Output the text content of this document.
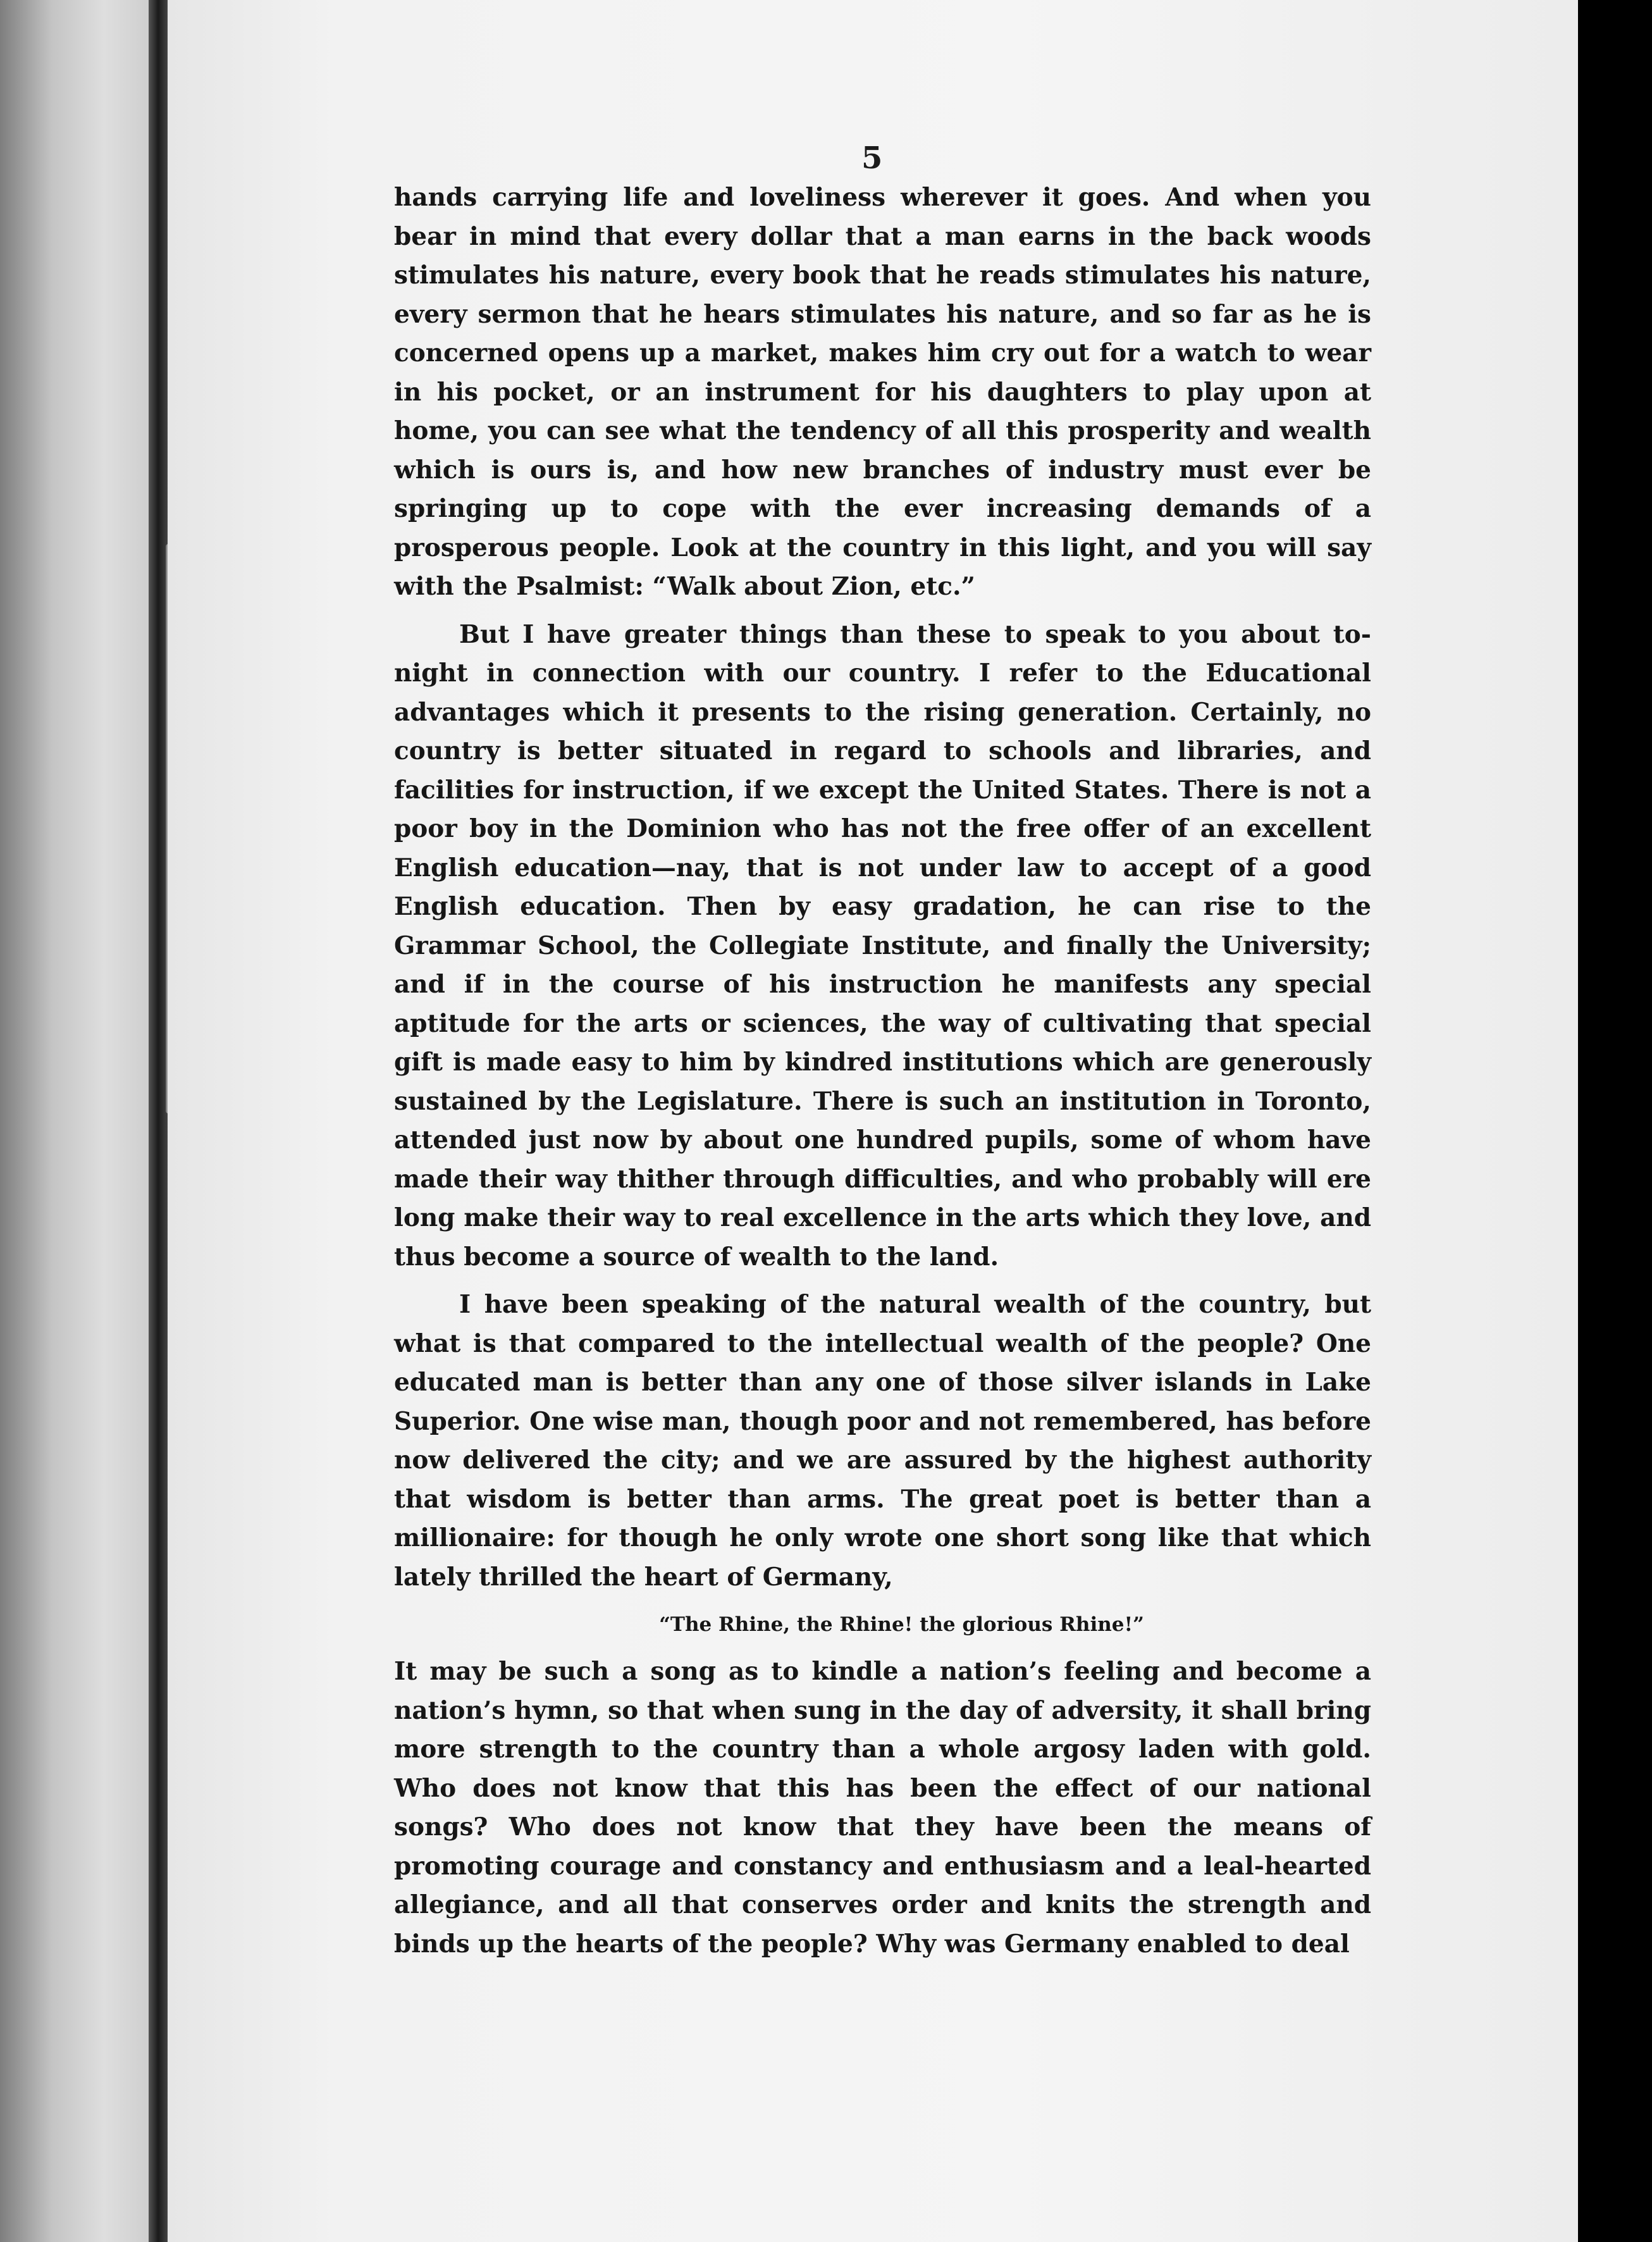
5

hands carrying life and loveliness wherever it goes. And when you bear in mind that every dollar that a man earns in the back woods stimulates his nature, every book that he reads stimulates his nature, every sermon that he hears stimulates his nature, and so far as he is concerned opens up a market, makes him cry out for a watch to wear in his pocket, or an instrument for his daughters to play upon at home, you can see what the tendency of all this prosperity and wealth which is ours is, and how new branches of industry must ever be springing up to cope with the ever increasing demands of a prosperous people. Look at the country in this light, and you will say with the Psalmist: “Walk about Zion, etc.”

But I have greater things than these to speak to you about to-night in connection with our country. I refer to the Educational advantages which it presents to the rising generation. Certainly, no country is better situated in regard to schools and libraries, and facilities for instruction, if we except the United States. There is not a poor boy in the Dominion who has not the free offer of an excellent English education—nay, that is not under law to accept of a good English education. Then by easy gradation, he can rise to the Grammar School, the Collegiate Institute, and finally the University; and if in the course of his instruction he manifests any special aptitude for the arts or sciences, the way of cultivating that special gift is made easy to him by kindred institutions which are generously sustained by the Legislature. There is such an institution in Toronto, attended just now by about one hundred pupils, some of whom have made their way thither through difficulties, and who probably will ere long make their way to real excellence in the arts which they love, and thus become a source of wealth to the land.

I have been speaking of the natural wealth of the country, but what is that compared to the intellectual wealth of the people? One educated man is better than any one of those silver islands in Lake Superior. One wise man, though poor and not remembered, has before now delivered the city; and we are assured by the highest authority that wisdom is better than arms. The great poet is better than a millionaire: for though he only wrote one short song like that which lately thrilled the heart of Germany,

“The Rhine, the Rhine! the glorious Rhine!”

It may be such a song as to kindle a nation’s feeling and become a nation’s hymn, so that when sung in the day of adversity, it shall bring more strength to the country than a whole argosy laden with gold. Who does not know that this has been the effect of our national songs? Who does not know that they have been the means of promoting courage and constancy and enthusiasm and a leal-hearted allegiance, and all that conserves order and knits the strength and binds up the hearts of the people? Why was Germany enabled to deal
